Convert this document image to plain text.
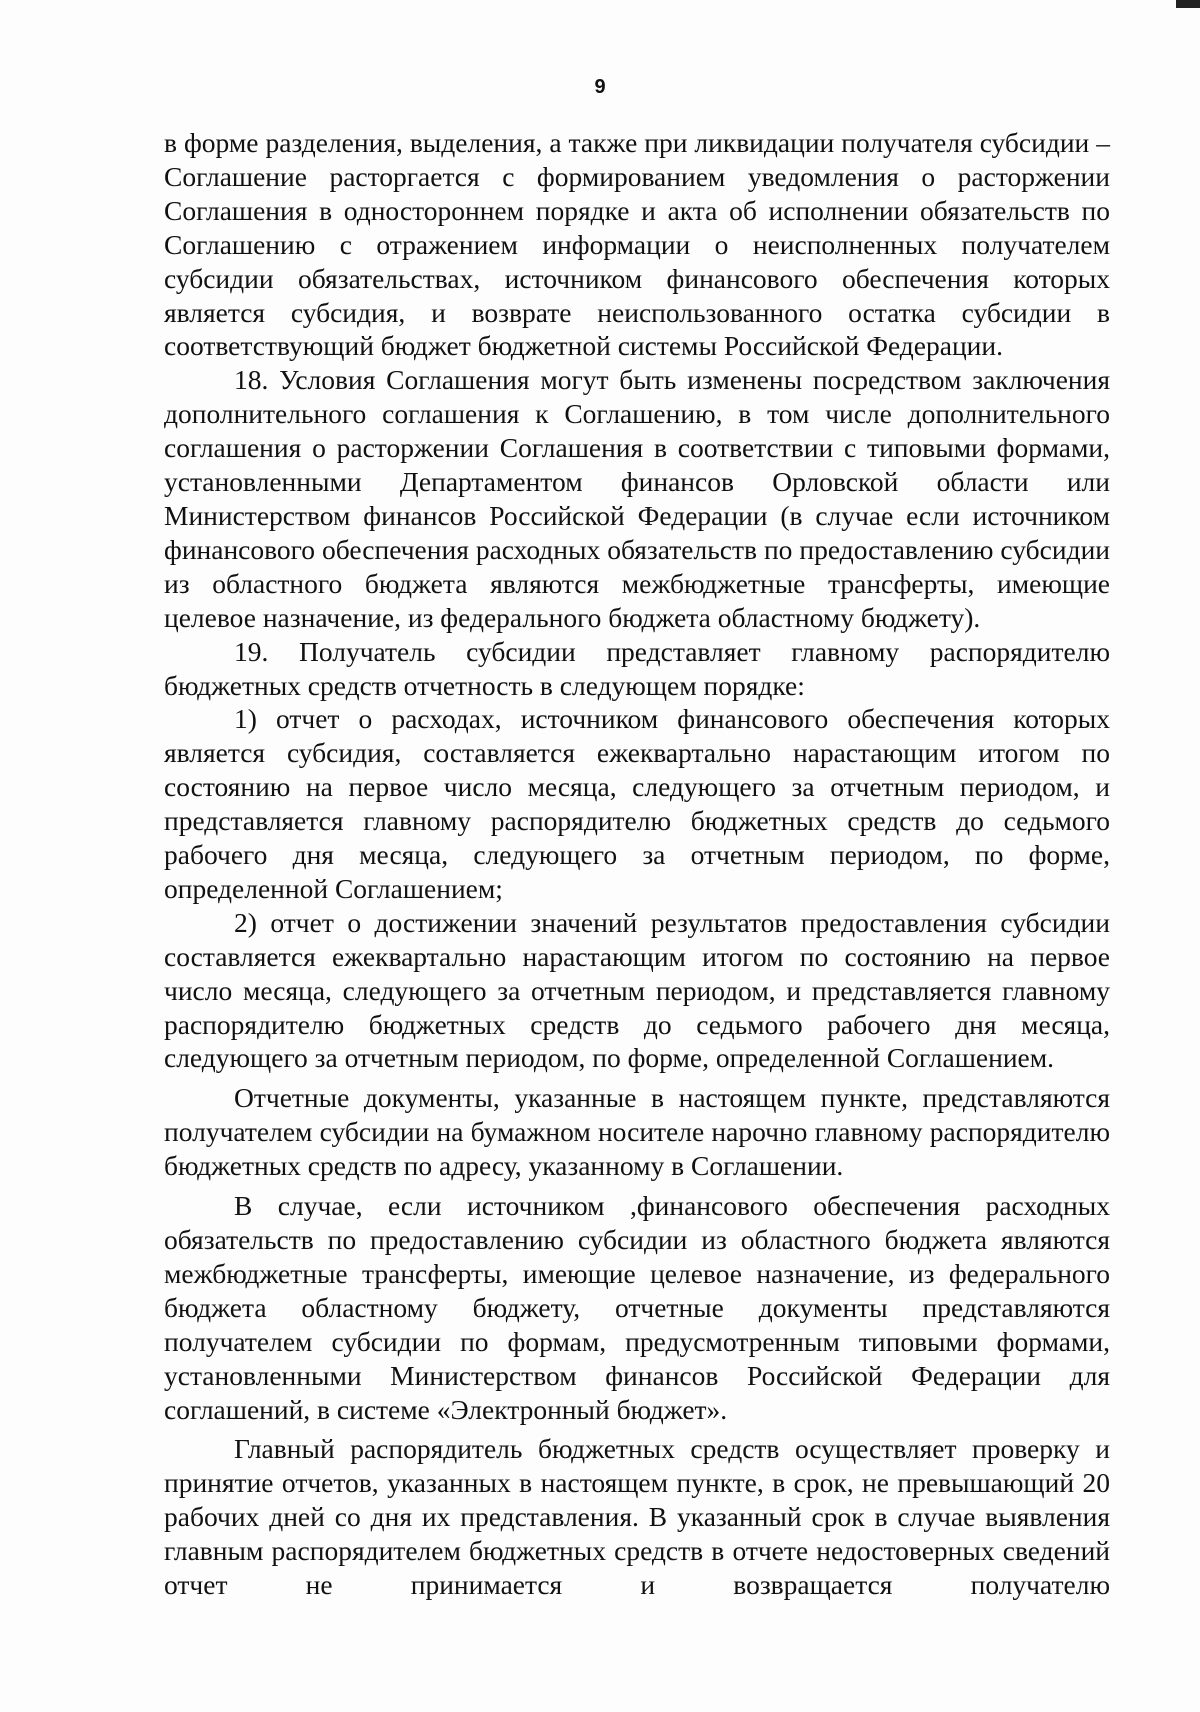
9

в форме разделения, выделения, а также при ликвидации получателя субсидии – Соглашение расторгается с формированием уведомления о расторжении Соглашения в одностороннем порядке и акта об исполнении обязательств по Соглашению с отражением информации о неисполненных получателем субсидии обязательствах, источником финансового обеспечения которых является субсидия, и возврате неиспользованного остатка субсидии в соответствующий бюджет бюджетной системы Российской Федерации.

18. Условия Соглашения могут быть изменены посредством заключения дополнительного соглашения к Соглашению, в том числе дополнительного соглашения о расторжении Соглашения в соответствии с типовыми формами, установленными Департаментом финансов Орловской области или Министерством финансов Российской Федерации (в случае если источником финансового обеспечения расходных обязательств по предоставлению субсидии из областного бюджета являются межбюджетные трансферты, имеющие целевое назначение, из федерального бюджета областному бюджету).

19. Получатель субсидии представляет главному распорядителю бюджетных средств отчетность в следующем порядке:

1) отчет о расходах, источником финансового обеспечения которых является субсидия, составляется ежеквартально нарастающим итогом по состоянию на первое число месяца, следующего за отчетным периодом, и представляется главному распорядителю бюджетных средств до седьмого рабочего дня месяца, следующего за отчетным периодом, по форме, определенной Соглашением;

2) отчет о достижении значений результатов предоставления субсидии составляется ежеквартально нарастающим итогом по состоянию на первое число месяца, следующего за отчетным периодом, и представляется главному распорядителю бюджетных средств до седьмого рабочего дня месяца, следующего за отчетным периодом, по форме, определенной Соглашением.

Отчетные документы, указанные в настоящем пункте, представляются получателем субсидии на бумажном носителе нарочно главному распорядителю бюджетных средств по адресу, указанному в Соглашении.

В случае, если источником ,финансового обеспечения расходных обязательств по предоставлению субсидии из областного бюджета являются межбюджетные трансферты, имеющие целевое назначение, из федерального бюджета областному бюджету, отчетные документы представляются получателем субсидии по формам, предусмотренным типовыми формами, установленными Министерством финансов Российской Федерации для соглашений, в системе «Электронный бюджет».

Главный распорядитель бюджетных средств осуществляет проверку и принятие отчетов, указанных в настоящем пункте, в срок, не превышающий 20 рабочих дней со дня их представления. В указанный срок в случае выявления главным распорядителем бюджетных средств в отчете недостоверных сведений отчет не принимается и возвращается получателю
